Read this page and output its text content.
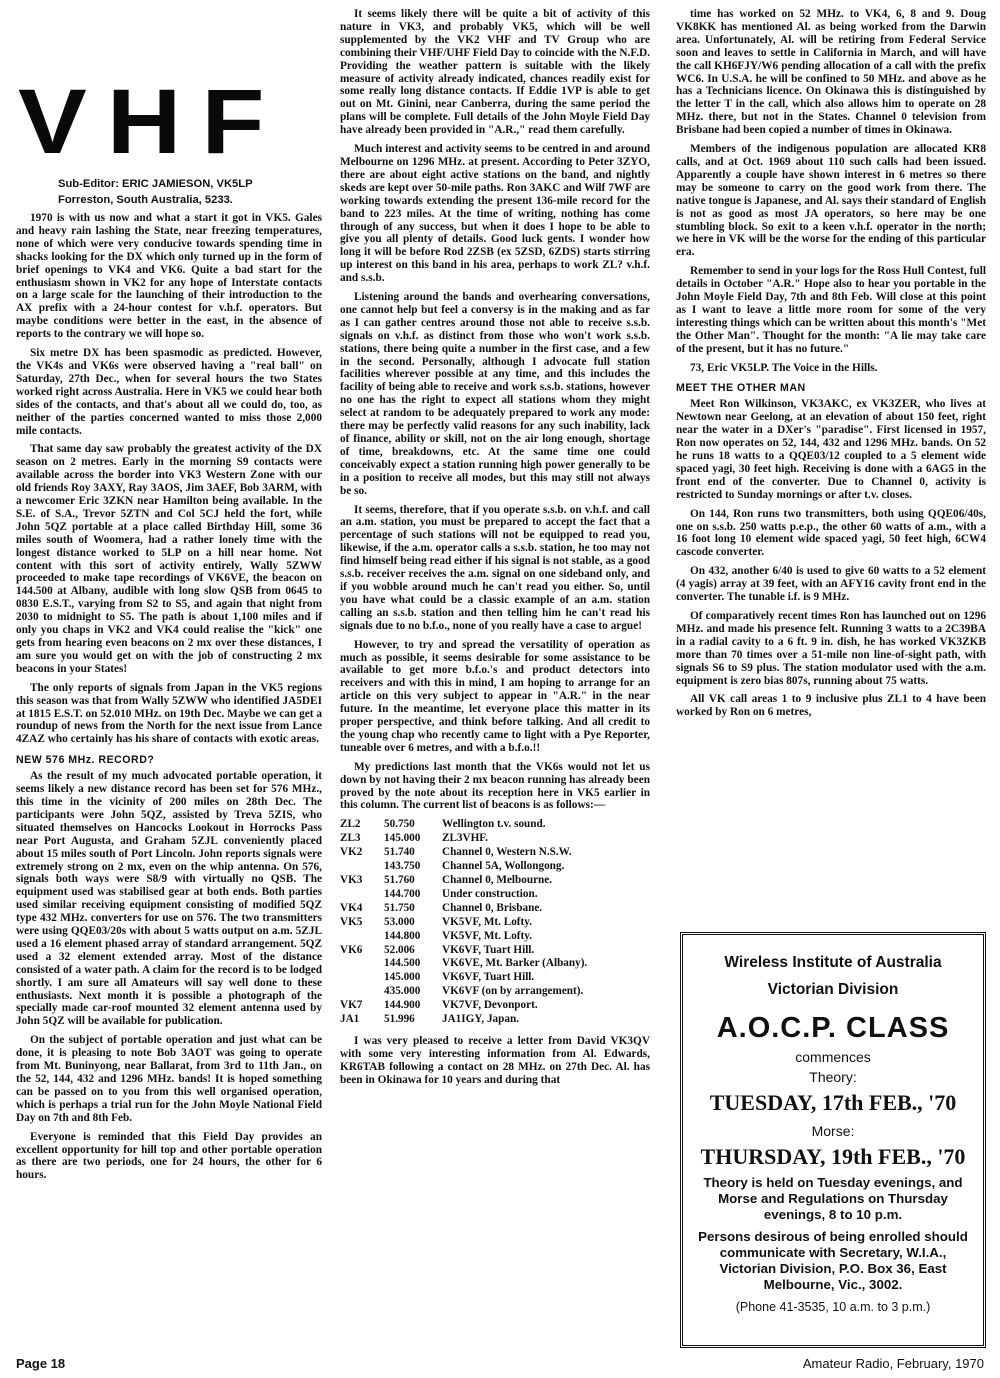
VHF
Sub-Editor: ERIC JAMIESON, VK5LP
Forreston, South Australia, 5233.

1970 is with us now and what a start it got in VK5. Gales and heavy rain lashing the State, near freezing temperatures, none of which were very conducive towards spending time in shacks looking for the DX which only turned up in the form of brief openings to VK4 and VK6. Quite a bad start for the enthusiasm shown in VK2 for any hope of Interstate contacts on a large scale for the launching of their introduction to the AX prefix with a 24-hour contest for v.h.f. operators. But maybe conditions were better in the east, in the absence of reports to the contrary we will hope so.

Six metre DX has been spasmodic as predicted. However, the VK4s and VK6s were observed having a "real ball" on Saturday, 27th Dec., when for several hours the two States worked right across Australia. Here in VK5 we could hear both sides of the contacts, and that's about all we could do, too, as neither of the parties concerned wanted to miss those 2,000 mile contacts.

That same day saw probably the greatest activity of the DX season on 2 metres. Early in the morning S9 contacts were available across the border into VK3 Western Zone with our old friends Roy 3AXY, Ray 3AOS, Jim 3AEF, Bob 3ARM, with a newcomer Eric 3ZKN near Hamilton being available. In the S.E. of S.A., Trevor 5ZTN and Col 5CJ held the fort, while John 5QZ portable at a place called Birthday Hill, some 36 miles south of Woomera, had a rather lonely time with the longest distance worked to 5LP on a hill near home. Not content with this sort of activity entirely, Wally 5ZWW proceeded to make tape recordings of VK6VE, the beacon on 144.500 at Albany, audible with long slow QSB from 0645 to 0830 E.S.T., varying from S2 to S5, and again that night from 2030 to midnight to S5. The path is about 1,100 miles and if only you chaps in VK2 and VK4 could realise the "kick" one gets from hearing even beacons on 2 mx over these distances, I am sure you would get on with the job of constructing 2 mx beacons in your States!

The only reports of signals from Japan in the VK5 regions this season was that from Wally 5ZWW who identified JA5DEI at 1815 E.S.T. on 52.010 MHz. on 19th Dec. Maybe we can get a roundup of news from the North for the next issue from Lance 4ZAZ who certainly has his share of contacts with exotic areas.

NEW 576 MHz. RECORD?

As the result of my much advocated portable operation, it seems likely a new distance record has been set for 576 MHz., this time in the vicinity of 200 miles on 28th Dec. The participants were John 5QZ, assisted by Treva 5ZIS, who situated themselves on Hancocks Lookout in Horrocks Pass near Port Augusta, and Graham 5ZJL conveniently placed about 15 miles south of Port Lincoln. John reports signals were extremely strong on 2 mx, even on the whip antenna. On 576, signals both ways were S8/9 with virtually no QSB. The equipment used was stabilised gear at both ends. Both parties used similar receiving equipment consisting of modified 5QZ type 432 MHz. converters for use on 576. The two transmitters were using QQE03/20s with about 5 watts output on a.m. 5ZJL used a 16 element phased array of standard arrangement. 5QZ used a 32 element extended array. Most of the distance consisted of a water path. A claim for the record is to be lodged shortly. I am sure all Amateurs will say well done to these enthusiasts. Next month it is possible a photograph of the specially made car-roof mounted 32 element antenna used by John 5QZ will be available for publication.

On the subject of portable operation and just what can be done, it is pleasing to note Bob 3AOT was going to operate from Mt. Buninyong, near Ballarat, from 3rd to 11th Jan., on the 52, 144, 432 and 1296 MHz. bands! It is hoped something can be passed on to you from this well organised operation, which is perhaps a trial run for the John Moyle National Field Day on 7th and 8th Feb.

Everyone is reminded that this Field Day provides an excellent opportunity for hill top and other portable operation as there are two periods, one for 24 hours, the other for 6 hours.

It seems likely there will be quite a bit of activity of this nature in VK3, and probably VK5, which will be well supplemented by the VK2 VHF and TV Group who are combining their VHF/UHF Field Day to coincide with the N.F.D. Providing the weather pattern is suitable with the likely measure of activity already indicated, chances readily exist for some really long distance contacts. If Eddie 1VP is able to get out on Mt. Ginini, near Canberra, during the same period the plans will be complete. Full details of the John Moyle Field Day have already been provided in "A.R.," read them carefully.

Much interest and activity seems to be centred in and around Melbourne on 1296 MHz. at present. According to Peter 3ZYO, there are about eight active stations on the band, and nightly skeds are kept over 50-mile paths. Ron 3AKC and Wilf 7WF are working towards extending the present 136-mile record for the band to 223 miles. At the time of writing, nothing has come through of any success, but when it does I hope to be able to give you all plenty of details. Good luck gents. I wonder how long it will be before Rod 2ZSB (ex 5ZSD, 6ZDS) starts stirring up interest on this band in his area, perhaps to work ZL? v.h.f. and s.s.b.

Listening around the bands and overhearing conversations, one cannot help but feel a conversy is in the making and as far as I can gather centres around those not able to receive s.s.b. signals on v.h.f. as distinct from those who won't work s.s.b. stations, there being quite a number in the first case, and a few in the second. Personally, although I advocate full station facilities wherever possible at any time, and this includes the facility of being able to receive and work s.s.b. stations, however no one has the right to expect all stations whom they might select at random to be adequately prepared to work any mode: there may be perfectly valid reasons for any such inability, lack of finance, ability or skill, not on the air long enough, shortage of time, breakdowns, etc. At the same time one could conceivably expect a station running high power generally to be in a position to receive all modes, but this may still not always be so.

It seems, therefore, that if you operate s.s.b. on v.h.f. and call an a.m. station, you must be prepared to accept the fact that a percentage of such stations will not be equipped to read you, likewise, if the a.m. operator calls a s.s.b. station, he too may not find himself being read either if his signal is not stable, as a good s.s.b. receiver receives the a.m. signal on one sideband only, and if you wobble around much he can't read you either. So, until you have what could be a classic example of an a.m. station calling an s.s.b. station and then telling him he can't read his signals due to no b.f.o., none of you really have a case to argue!

However, to try and spread the versatility of operation as much as possible, it seems desirable for some assistance to be available to get more b.f.o.'s and product detectors into receivers and with this in mind, I am hoping to arrange for an article on this very subject to appear in "A.R." in the near future. In the meantime, let everyone place this matter in its proper perspective, and think before talking. And all credit to the young chap who recently came to light with a Pye Reporter, tuneable over 6 metres, and with a b.f.o.!!

My predictions last month that the VK6s would not let us down by not having their 2 mx beacon running has already been proved by the note about its reception here in VK5 earlier in this column. The current list of beacons is as follows:—

ZL2	50.750	Wellington t.v. sound.
ZL3	145.000	ZL3VHF.
VK2	51.740	Channel 0, Western N.S.W.
	143.750	Channel 5A, Wollongong.
VK3	51.760	Channel 0, Melbourne.
	144.700	Under construction.
VK4	51.750	Channel 0, Brisbane.
VK5	53.000	VK5VF, Mt. Lofty.
	144.800	VK5VF, Mt. Lofty.
VK6	52.006	VK6VF, Tuart Hill.
	144.500	VK6VE, Mt. Barker (Albany).
	145.000	VK6VF, Tuart Hill.
	435.000	VK6VF (on by arrangement).
VK7	144.900	VK7VF, Devonport.
JA1	51.996	JA1IGY, Japan.

I was very pleased to receive a letter from David VK3QV with some very interesting information from Al. Edwards, KR6TAB following a contact on 28 MHz. on 27th Dec. Al. has been in Okinawa for 10 years and during that

time has worked on 52 MHz. to VK4, 6, 8 and 9. Doug VK8KK has mentioned Al. as being worked from the Darwin area. Unfortunately, Al. will be retiring from Federal Service soon and leaves to settle in California in March, and will have the call KH6FJY/W6 pending allocation of a call with the prefix WC6. In U.S.A. he will be confined to 50 MHz. and above as he has a Technicians licence. On Okinawa this is distinguished by the letter T in the call, which also allows him to operate on 28 MHz. there, but not in the States. Channel 0 television from Brisbane had been copied a number of times in Okinawa.

Members of the indigenous population are allocated KR8 calls, and at Oct. 1969 about 110 such calls had been issued. Apparently a couple have shown interest in 6 metres so there may be someone to carry on the good work from there. The native tongue is Japanese, and Al. says their standard of English is not as good as most JA operators, so here may be one stumbling block. So exit to a keen v.h.f. operator in the north; we here in VK will be the worse for the ending of this particular era.

Remember to send in your logs for the Ross Hull Contest, full details in October "A.R." Hope also to hear you portable in the John Moyle Field Day, 7th and 8th Feb. Will close at this point as I want to leave a little more room for some of the very interesting things which can be written about this month's "Met the Other Man". Thought for the month: "A lie may take care of the present, but it has no future."

73, Eric VK5LP. The Voice in the Hills.

MEET THE OTHER MAN

Meet Ron Wilkinson, VK3AKC, ex VK3ZER, who lives at Newtown near Geelong, at an elevation of about 150 feet, right near the water in a DXer's "paradise". First licensed in 1957, Ron now operates on 52, 144, 432 and 1296 MHz. bands. On 52 he runs 18 watts to a QQE03/12 coupled to a 5 element wide spaced yagi, 30 feet high. Receiving is done with a 6AG5 in the front end of the converter. Due to Channel 0, activity is restricted to Sunday mornings or after t.v. closes.

On 144, Ron runs two transmitters, both using QQE06/40s, one on s.s.b. 250 watts p.e.p., the other 60 watts of a.m., with a 16 foot long 10 element wide spaced yagi, 50 feet high, 6CW4 cascode converter.

On 432, another 6/40 is used to give 60 watts to a 52 element (4 yagis) array at 39 feet, with an AFY16 cavity front end in the converter. The tunable i.f. is 9 MHz.

Of comparatively recent times Ron has launched out on 1296 MHz. and made his presence felt. Running 3 watts to a 2C39BA in a radial cavity to a 6 ft. 9 in. dish, he has worked VK3ZKB more than 70 times over a 51-mile non line-of-sight path, with signals S6 to S9 plus. The station modulator used with the a.m. equipment is zero bias 807s, running about 75 watts.

All VK call areas 1 to 9 inclusive plus ZL1 to 4 have been worked by Ron on 6 metres,

Wireless Institute of Australia
Victorian Division
A.O.C.P. CLASS
commences
Theory:
TUESDAY, 17th FEB., '70
Morse:
THURSDAY, 19th FEB., '70
Theory is held on Tuesday evenings, and Morse and Regulations on Thursday evenings, 8 to 10 p.m.
Persons desirous of being enrolled should communicate with Secretary, W.I.A., Victorian Division, P.O. Box 36, East Melbourne, Vic., 3002.
(Phone 41-3535, 10 a.m. to 3 p.m.)
Page 18	Amateur Radio, February, 1970
